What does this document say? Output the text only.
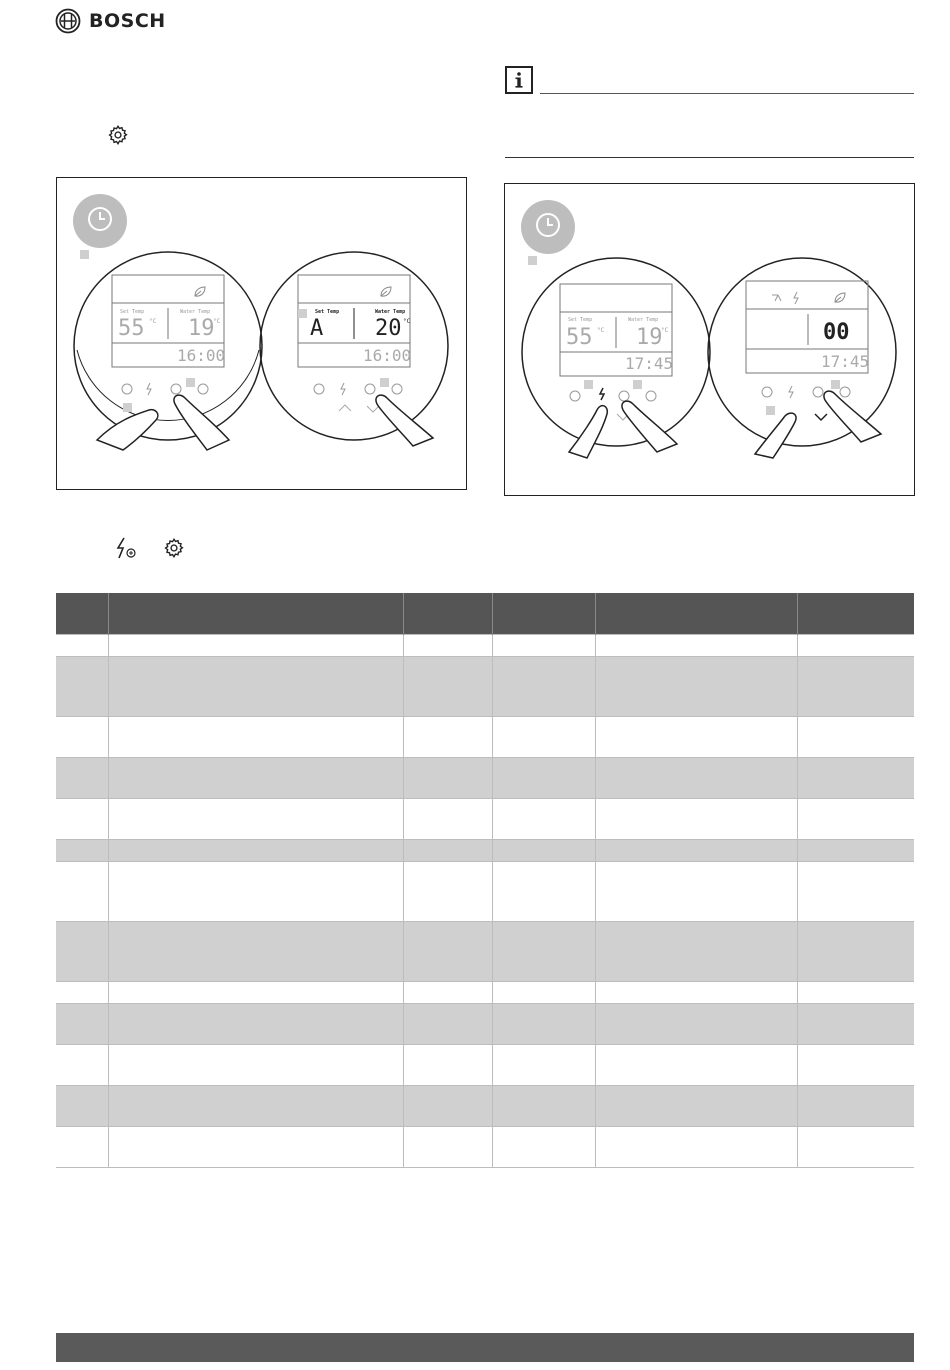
BOSCH
Set Temp
55 °C
Water Temp
19
°C
16:00
Set Temp
A
Water Temp
20 °C
16:00
Set Temp
55 °C
Water Temp
19
°C
17:45
00
17:45
